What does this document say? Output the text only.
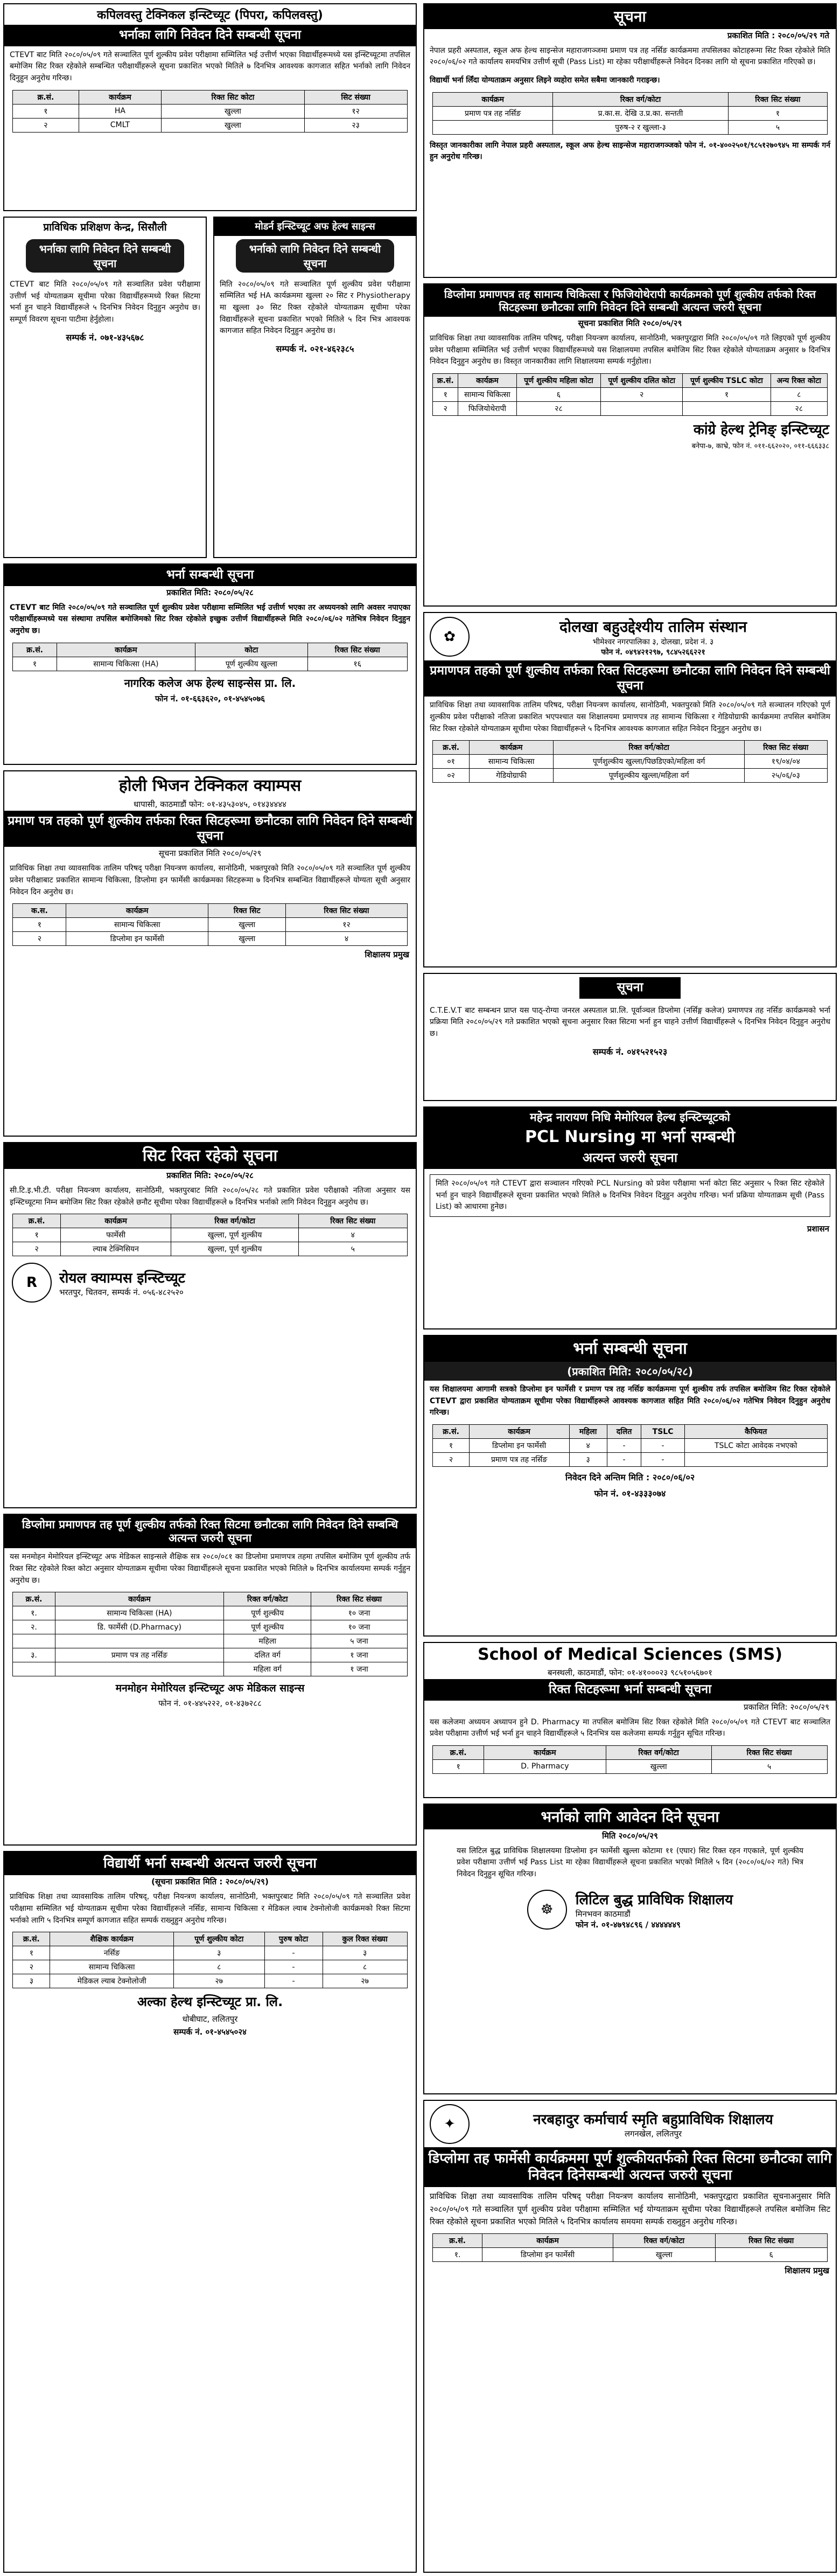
कपिलवस्तु टेक्निकल इन्स्टिच्यूट (पिपरा, कपिलवस्तु)
भर्नाका लागि निवेदन दिने सम्बन्धी सूचना
CTEVT बाट मिति २०८०/०५/०९ गते सञ्चालित पूर्ण शुल्कीय प्रवेश परीक्षामा सम्मिलित भई उत्तीर्ण भएका विद्यार्थीहरूमध्ये यस इन्स्टिच्यूटमा तपसिल बमोजिम सिट रिक्त रहेकोले सम्बन्धित परीक्षार्थीहरूले सूचना प्रकाशित भएको मितिले ७ दिनभित्र आवश्यक कागजात सहित भर्नाको लागि निवेदन दिनुहुन अनुरोध गरिन्छ।
क्र.सं.	कार्यक्रम	रिक्त सिट कोटा	सिट संख्या
१	HA	खुल्ला	१२
२	CMLT	खुल्ला	२३
प्राविधिक प्रशिक्षण केन्द्र, सिसौली
भर्नाका लागि निवेदन दिने सम्बन्धी सूचना
CTEVT बाट मिति २०८०/०५/०९ गते सञ्चालित प्रवेश परीक्षामा उत्तीर्ण भई योग्यताक्रम सूचीमा परेका विद्यार्थीहरूमध्ये रिक्त सिटमा भर्ना हुन चाहने विद्यार्थीहरूले ५ दिनभित्र निवेदन दिनुहुन अनुरोध छ। सम्पूर्ण विवरण सूचना पाटीमा हेर्नुहोला।
सम्पर्क नं. ०७१-४३५६७८
मोडर्न इन्स्टिच्यूट अफ हेल्थ साइन्स
भर्नाको लागि निवेदन दिने सम्बन्धी सूचना
मिति २०८०/०५/०९ गते सञ्चालित पूर्ण शुल्कीय प्रवेश परीक्षामा सम्मिलित भई HA कार्यक्रममा खुल्ला २० सिट र Physiotherapy मा खुल्ला ३० सिट रिक्त रहेकोले योग्यताक्रम सूचीमा परेका विद्यार्थीहरूले सूचना प्रकाशित भएको मितिले ५ दिन भित्र आवश्यक कागजात सहित निवेदन दिनुहुन अनुरोध छ।
सम्पर्क नं. ०२१-४६२३८५
भर्ना सम्बन्धी सूचना
प्रकाशित मिति: २०८०/०५/२८
CTEVT बाट मिति २०८०/०५/०९ गते सञ्चालित पूर्ण शुल्कीय प्रवेश परीक्षामा सम्मिलित भई उत्तीर्ण भएका तर अध्ययनको लागि अवसर नपाएका परीक्षार्थीहरूमध्ये यस संस्थामा तपसिल बमोजिमको सिट रिक्त रहेकोले इच्छुक उत्तीर्ण विद्यार्थीहरूले मिति २०८०/०६/०२ गतेभित्र निवेदन दिनुहुन अनुरोध छ।
क्र.सं.	कार्यक्रम	कोटा	रिक्त सिट संख्या
१	सामान्य चिकित्सा (HA)	पूर्ण शुल्कीय खुल्ला	१६
नागरिक कलेज अफ हेल्थ साइन्सेस प्रा. लि.
फोन नं. ०१-६६३६२०, ०१-४५४५०७६
होली भिजन टेक्निकल क्याम्पस
धापासी, काठमाडौं फोन: ०१-४३५३०४५, ०१४३४४४४
प्रमाण पत्र तहको पूर्ण शुल्कीय तर्फका रिक्त सिटहरूमा छनौटका लागि निवेदन दिने सम्बन्धी सूचना
सूचना प्रकाशित मिति २०८०/०५/२९
प्राविधिक शिक्षा तथा व्यावसायिक तालिम परिषद् परीक्षा नियन्त्रण कार्यालय, सानोठिमी, भक्तपुरको मिति २०८०/०५/०९ गते सञ्चालित पूर्ण शुल्कीय प्रवेश परीक्षाबाट प्रकाशित सामान्य चिकित्सा, डिप्लोमा इन फार्मेसी कार्यक्रमका सिटहरूमा ७ दिनभित्र सम्बन्धित विद्यार्थीहरूले योग्यता सूची अनुसार निवेदन दिन अनुरोध छ।
क.स.	कार्यक्रम	रिक्त सिट	रिक्त सिट संख्या
१	सामान्य चिकित्सा	खुल्ला	१२
२	डिप्लोमा इन फार्मेसी	खुल्ला	४
शिक्षालय प्रमुख
सिट रिक्त रहेको सूचना
प्रकाशित मिति: २०८०/०५/२८
सी.टि.इ.भी.टी. परीक्षा नियन्त्रण कार्यालय, सानोठिमी, भक्तपुरबाट मिति २०८०/०५/२८ गते प्रकाशित प्रवेश परीक्षाको नतिजा अनुसार यस इन्स्टिच्यूटमा निम्न बमोजिम सिट रिक्त रहेकोले छनौट सूचीमा परेका विद्यार्थीहरूले ७ दिनभित्र भर्नाको लागि निवेदन दिनुहुन अनुरोध छ।
क्र.सं.	कार्यक्रम	रिक्त वर्ग/कोटा	रिक्त सिट संख्या
१	फार्मेसी	खुल्ला, पूर्ण शुल्कीय	४
२	ल्याब टेक्निसियन	खुल्ला, पूर्ण शुल्कीय	५
R	रोयल क्याम्पस इन्स्टिच्यूट
भरतपुर, चितवन, सम्पर्क नं. ०५६-४८२५२०
डिप्लोमा प्रमाणपत्र तह पूर्ण शुल्कीय तर्फको रिक्त सिटमा छनौटका लागि निवेदन दिने सम्बन्धि अत्यन्त जरुरी सूचना
यस मनमोहन मेमोरियल इन्स्टिच्यूट अफ मेडिकल साइन्सले शैक्षिक सत्र २०८०/०८१ का डिप्लोमा प्रमाणपत्र तहमा तपसिल बमोजिम पूर्ण शुल्कीय तर्फ रिक्त सिट रहेकोले रिक्त कोटा अनुसार योग्यताक्रम सूचीमा परेका विद्यार्थीहरूले सूचना प्रकाशित भएको मितिले ७ दिनभित्र कार्यालयमा सम्पर्क गर्नुहुन अनुरोध छ।
क्र.सं.	कार्यक्रम	रिक्त वर्ग/कोटा	रिक्त सिट संख्या
१.	सामान्य चिकित्सा (HA)	पूर्ण शुल्कीय	१० जना
२.	डि. फार्मेसी (D.Pharmacy)	पूर्ण शुल्कीय	१० जना
		महिला	५ जना
३.	प्रमाण पत्र तह नर्सिङ	दलित वर्ग	१ जना
		महिला वर्ग	१ जना
मनमोहन मेमोरियल इन्स्टिच्यूट अफ मेडिकल साइन्स
फोन नं. ०१-४४५२२२, ०१-४३७२८८
विद्यार्थी भर्ना सम्बन्धी अत्यन्त जरुरी सूचना
(सूचना प्रकाशित मिति : २०८०/०५/२९)
प्राविधिक शिक्षा तथा व्यावसायिक तालिम परिषद्, परीक्षा नियन्त्रण कार्यालय, सानोठिमी, भक्तपुरबाट मिति २०८०/०५/०९ गते सञ्चालित प्रवेश परीक्षामा सम्मिलित भई योग्यताक्रम सूचीमा परेका विद्यार्थीहरूले नर्सिङ, सामान्य चिकित्सा र मेडिकल ल्याब टेक्नोलोजी कार्यक्रमको रिक्त सिटमा भर्नाको लागि ५ दिनभित्र सम्पूर्ण कागजात सहित सम्पर्क राख्नुहुन अनुरोध गरिन्छ।
क्र.सं.	शैक्षिक कार्यक्रम	पूर्ण शुल्कीय कोटा	पुरुष कोटा	कुल रिक्त संख्या
१	नर्सिङ	३	-	३
२	सामान्य चिकित्सा	८	-	८
३	मेडिकल ल्याब टेक्नोलोजी	२७	-	२७
अल्का हेल्थ इन्स्टिच्यूट प्रा. लि.
धोबीघाट, ललितपुर
सम्पर्क नं. ०१-४५४५०२४
सूचना
प्रकाशित मिति : २०८०/०५/२९ गते
नेपाल प्रहरी अस्पताल, स्कूल अफ हेल्थ साइन्सेज महाराजगञ्जमा प्रमाण पत्र तह नर्सिङ कार्यक्रममा तपसिलका कोटाहरूमा सिट रिक्त रहेकोले मिति २०८०/०६/०२ गते कार्यालय समयभित्र उत्तीर्ण सूची (Pass List) मा रहेका परीक्षार्थीहरूले निवेदन दिनका लागि यो सूचना प्रकाशित गरिएको छ।
विद्यार्थी भर्ना लिँदा योग्यताक्रम अनुसार लिइने व्यहोरा समेत सबैमा जानकारी गराइन्छ।
कार्यक्रम	रिक्त वर्ग/कोटा	रिक्त सिट संख्या
प्रमाण पत्र तह नर्सिङ	प्र.का.स. देखि उ.प्र.का. सन्तती	१
	पुरुष-२ र खुल्ला-३	५
विस्तृत जानकारीका लागि नेपाल प्रहरी अस्पताल, स्कूल अफ हेल्थ साइन्सेज महाराजगञ्जको फोन नं. ०१-४००२५०१/९८५१२७०९४५ मा सम्पर्क गर्न हुन अनुरोध गरिन्छ।
डिप्लोमा प्रमाणपत्र तह सामान्य चिकित्सा र फिजियोथेरापी कार्यक्रमको पूर्ण शुल्कीय तर्फको रिक्त सिटहरूमा छनौटका लागि निवेदन दिने सम्बन्धी अत्यन्त जरुरी सूचना
सूचना प्रकाशित मिति २०८०/०५/२९
प्राविधिक शिक्षा तथा व्यावसायिक तालिम परिषद्, परीक्षा नियन्त्रण कार्यालय, सानोठिमी, भक्तपुरद्वारा मिति २०८०/०५/०९ गते लिइएको पूर्ण शुल्कीय प्रवेश परीक्षामा सम्मिलित भई उत्तीर्ण भएका विद्यार्थीहरूमध्ये यस शिक्षालयमा तपसिल बमोजिम सिट रिक्त रहेकोले योग्यताक्रम अनुसार ७ दिनभित्र निवेदन दिनुहुन अनुरोध छ। विस्तृत जानकारीका लागि शिक्षालयमा सम्पर्क गर्नुहोला।
क्र.सं.	कार्यक्रम	पूर्ण शुल्कीय महिला कोटा	पूर्ण शुल्कीय दलित कोटा	पूर्ण शुल्कीय TSLC कोटा	अन्य रिक्त कोटा
१	सामान्य चिकित्सा	६	२	१	८
२	फिजियोथेरापी	२८			२८
कांग्रे हेल्थ ट्रेनिङ् इन्स्टिच्यूट
बनेपा-७, काभ्रे, फोन नं. ०११-६६२०२०, ०११-६६६३३८
✿
दोलखा बहुउद्देश्यीय तालिम संस्थान
भीमेश्वर नगरपालिका ३, दोलखा, प्रदेश नं. ३
फोन नं. ०४९४२१२९७, ९८४५२६६२२१
प्रमाणपत्र तहको पूर्ण शुल्कीय तर्फका रिक्त सिटहरूमा छनौटका लागि निवेदन दिने सम्बन्धी सूचना
प्राविधिक शिक्षा तथा व्यावसायिक तालिम परिषद, परीक्षा नियन्त्रण कार्यालय, सानोठिमी, भक्तपुरको मिति २०८०/०५/०९ गते सञ्चालन गरिएको पूर्ण शुल्कीय प्रवेश परीक्षाको नतिजा प्रकाशित भएपश्चात यस शिक्षालयमा प्रमाणपत्र तह सामान्य चिकित्सा र गेडियोग्राफी कार्यक्रममा तपसिल बमोजिम सिट रिक्त रहेकोले योग्यताक्रम सूचीमा परेका विद्यार्थीहरूले ५ दिनभित्र आवश्यक कागजात सहित निवेदन दिनुहुन अनुरोध छ।
क्र.सं.	कार्यक्रम	रिक्त वर्ग/कोटा	रिक्त सिट संख्या
०१	सामान्य चिकित्सा	पूर्णशुल्कीय खुल्ला/पिछडिएको/महिला वर्ग	१९/०४/०४
०२	गेडियोग्राफी	पूर्णशुल्कीय खुल्ला/महिला वर्ग	२५/०६/०३
सूचना
C.T.E.V.T बाट सम्बन्धन प्राप्त यस पाठ्-रोग्या जनरल अस्पताल प्रा.लि. पूर्वाञ्चल डिप्लोमा (नर्सिङ्ग कलेज) प्रमाणपत्र तह नर्सिङ कार्यक्रमको भर्ना प्रक्रिया मिति २०८०/०५/२९ गते प्रकाशित भएको सूचना अनुसार रिक्त सिटमा भर्ना हुन चाहने उत्तीर्ण विद्यार्थीहरूले ५ दिनभित्र निवेदन दिनुहुन अनुरोध छ।
सम्पर्क नं. ०४१५२१५२३
महेन्द्र नारायण निधि मेमोरियल हेल्थ इन्स्टिच्यूटको
PCL Nursing मा भर्ना सम्बन्धी
अत्यन्त जरुरी सूचना
मिति २०८०/०५/०९ गते CTEVT द्वारा सञ्चालन गरिएको PCL Nursing को प्रवेश परीक्षामा भर्ना कोटा सिट अनुसार ५ रिक्त सिट रहेकोले भर्ना हुन चाहने विद्यार्थीहरूले सूचना प्रकाशित भएको मितिले ७ दिनभित्र निवेदन दिनुहुन अनुरोध गरिन्छ। भर्ना प्रक्रिया योग्यताक्रम सूची (Pass List) को आधारमा हुनेछ।
प्रशासन
भर्ना सम्बन्धी सूचना
(प्रकाशित मिति: २०८०/०५/२८)
यस शिक्षालयमा आगामी सत्रको डिप्लोमा इन फार्मेसी र प्रमाण पत्र तह नर्सिङ कार्यक्रममा पूर्ण शुल्कीय तर्फ तपसिल बमोजिम सिट रिक्त रहेकोले CTEVT द्वारा प्रकाशित योग्यताक्रम सूचीमा परेका विद्यार्थीहरूले आवश्यक कागजात सहित मिति २०८०/०६/०२ गतेभित्र निवेदन दिनुहुन अनुरोध गरिन्छ।
क्र.सं.	कार्यक्रम	महिला	दलित	TSLC	कैफियत
१	डिप्लोमा इन फार्मेसी	४	-	-	TSLC कोटा आवेदक नभएको
२	प्रमाण पत्र तह नर्सिङ	३	-	-	
निवेदन दिने अन्तिम मिति : २०८०/०६/०२
फोन नं. ०१-४३३३०७४
School of Medical Sciences (SMS)
बनस्थली, काठमाडौं, फोन: ०१-४१०००२३ ९८५१०५६७०१
रिक्त सिटहरूमा भर्ना सम्बन्धी सूचना
प्रकाशित मिति: २०८०/०५/२९
यस कलेजमा अध्ययन अध्यापन हुने D. Pharmacy मा तपसिल बमोजिम सिट रिक्त रहेकोले मिति २०८०/०५/०९ गते CTEVT बाट सञ्चालित प्रवेश परीक्षामा उत्तीर्ण भई भर्ना हुन चाहने विद्यार्थीहरूले ५ दिनभित्र यस कलेजमा सम्पर्क गर्नुहुन सूचित गरिन्छ।
क्र.सं.	कार्यक्रम	रिक्त वर्ग/कोटा	रिक्त सिट संख्या
१	D. Pharmacy	खुल्ला	५
भर्नाको लागि आवेदन दिने सूचना
मिति २०८०/०५/२९
यस लिटिल बुद्ध प्राविधिक शिक्षालयमा डिप्लोमा इन फार्मेसी खुल्ला कोटामा ११ (एघार) सिट रिक्त रहन गएकाले, पूर्ण शुल्कीय प्रवेश परीक्षामा उत्तीर्ण भई Pass List मा रहेका विद्यार्थीहरूले सूचना प्रकाशित भएको मितिले ५ दिन (२०८०/०६/०२ गते) भित्र निवेदन दिनुहुन सूचित गरिन्छ।
☸
लिटिल बुद्ध प्राविधिक शिक्षालय
मिनभवन काठमाडौं
फोन नं. ०१-४७९४८९६ / ४४४४४४९
✦	नरबहादुर कर्माचार्य स्मृति बहुप्राविधिक शिक्षालय
लगनखेल, ललितपुर
डिप्लोमा तह फार्मेसी कार्यक्रममा पूर्ण शुल्कीयतर्फको रिक्त सिटमा छनौटका लागि निवेदन दिनेसम्बन्धी अत्यन्त जरुरी सूचना
प्राविधिक शिक्षा तथा व्यावसायिक तालिम परिषद् परीक्षा नियन्त्रण कार्यालय सानोठिमी, भक्तपुरद्वारा प्रकाशित सूचनाअनुसार मिति २०८०/०५/०९ गते सञ्चालित पूर्ण शुल्कीय प्रवेश परीक्षामा सम्मिलित भई योग्यताक्रम सूचीमा परेका विद्यार्थीहरूले तपसिल बमोजिम सिट रिक्त रहेकोले सूचना प्रकाशित भएको मितिले ५ दिनभित्र कार्यालय समयमा सम्पर्क राख्नुहुन अनुरोध गरिन्छ।
क्र.सं.	कार्यक्रम	रिक्त वर्ग/कोटा	रिक्त सिट संख्या
१.	डिप्लोमा इन फार्मेसी	खुल्ला	६
शिक्षालय प्रमुख
